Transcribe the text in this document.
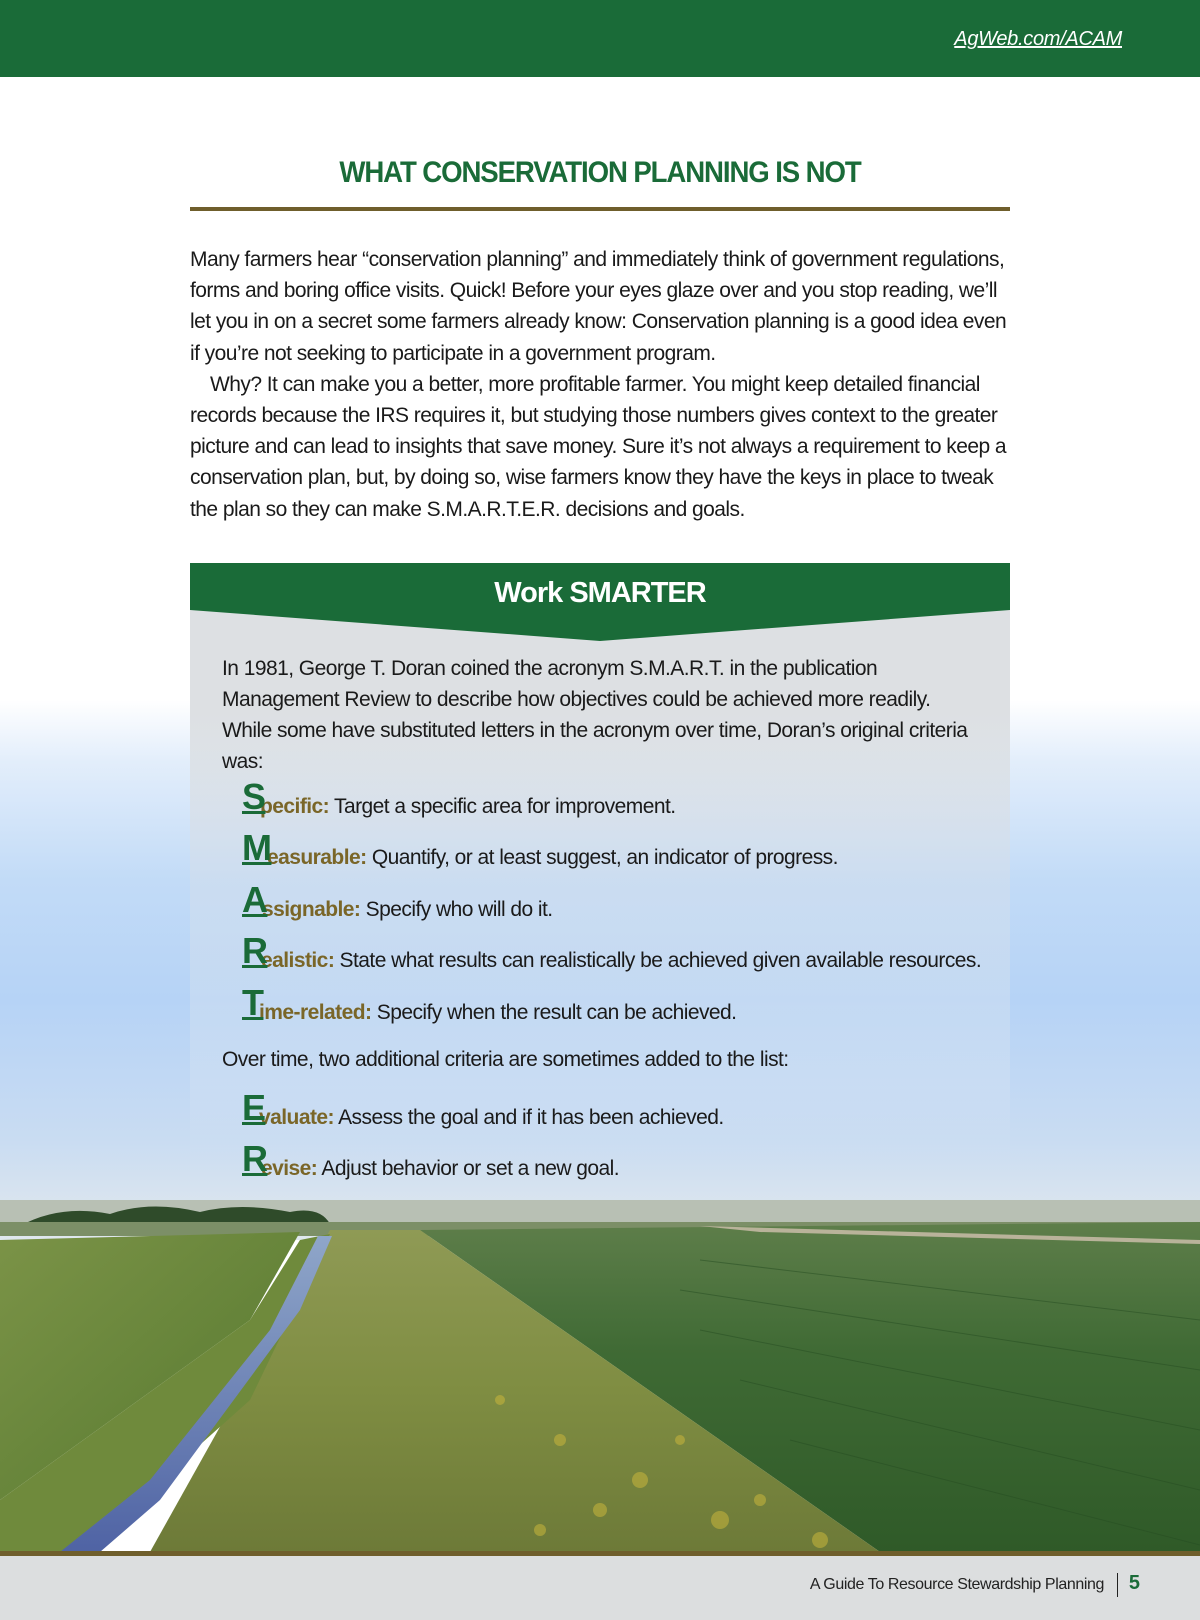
AgWeb.com/ACAM
WHAT CONSERVATION PLANNING IS NOT

Many farmers hear “conservation planning” and immediately think of government regulations, forms and boring office visits. Quick! Before your eyes glaze over and you stop reading, we’ll let you in on a secret some farmers already know: Conservation planning is a good idea even if you’re not seeking to participate in a government program.

Why? It can make you a better, more profitable farmer. You might keep detailed financial records because the IRS requires it, but studying those numbers gives context to the greater picture and can lead to insights that save money. Sure it’s not always a requirement to keep a conservation plan, but, by doing so, wise farmers know they have the keys in place to tweak the plan so they can make S.M.A.R.T.E.R. decisions and goals.

Work SMARTER

In 1981, George T. Doran coined the acronym S.M.A.R.T. in the publication Management Review to describe how objectives could be achieved more readily. While some have substituted letters in the acronym over time, Doran’s original criteria was:

pecific: Target a specific area for improvement.
S
easurable: Quantify, or at least suggest, an indicator of progress.
M
ssignable: Specify who will do it.
A
ealistic: State what results can realistically be achieved given available resources.
R
ime-related: Specify when the result can be achieved.
T

Over time, two additional criteria are sometimes added to the list:

valuate: Assess the goal and if it has been achieved.
E
evise: Adjust behavior or set a new goal.
R
A Guide To Resource Stewardship Planning 5
